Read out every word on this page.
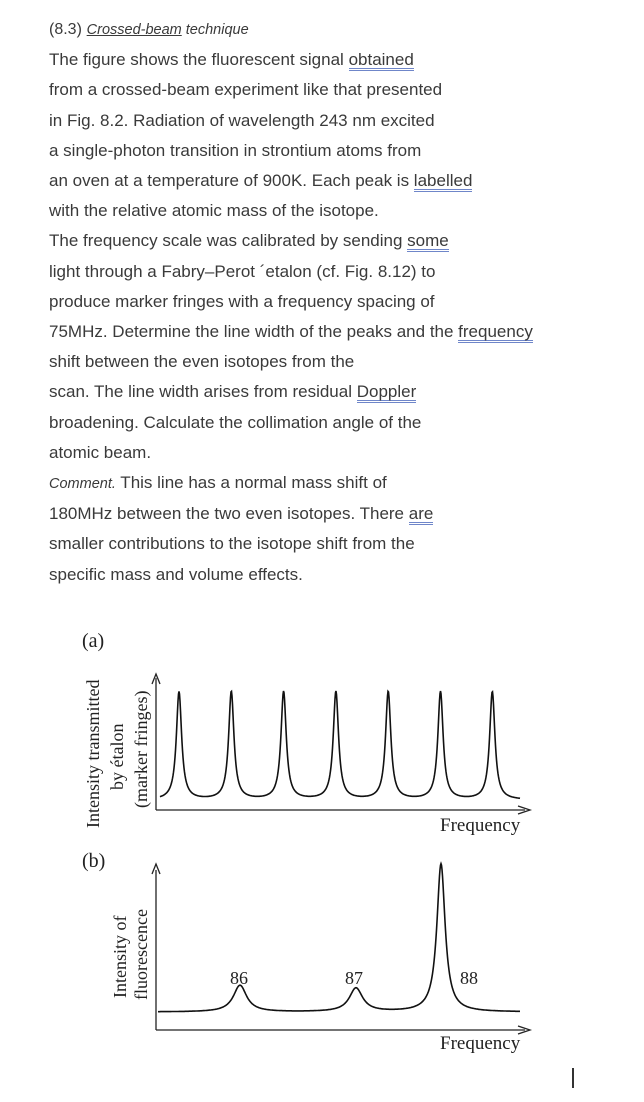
(8.3) Crossed-beam technique
The figure shows the fluorescent signal obtained
from a crossed-beam experiment like that presented
in Fig. 8.2. Radiation of wavelength 243 nm excited
a single-photon transition in strontium atoms from
an oven at a temperature of 900K. Each peak is labelled
with the relative atomic mass of the isotope.
The frequency scale was calibrated by sending some
light through a Fabry–Perot ´etalon (cf. Fig. 8.12) to
produce marker fringes with a frequency spacing of
75MHz. Determine the line width of the peaks and the frequency
shift between the even isotopes from the
scan. The line width arises from residual Doppler
broadening. Calculate the collimation angle of the
atomic beam.
Comment. This line has a normal mass shift of
180MHz between the two even isotopes. There are
smaller contributions to the isotope shift from the
specific mass and volume effects.
(a)
Intensity transmitted by étalon (marker fringes)
Frequency
(b)
Intensity of fluorescence	86	87	88
Frequency
